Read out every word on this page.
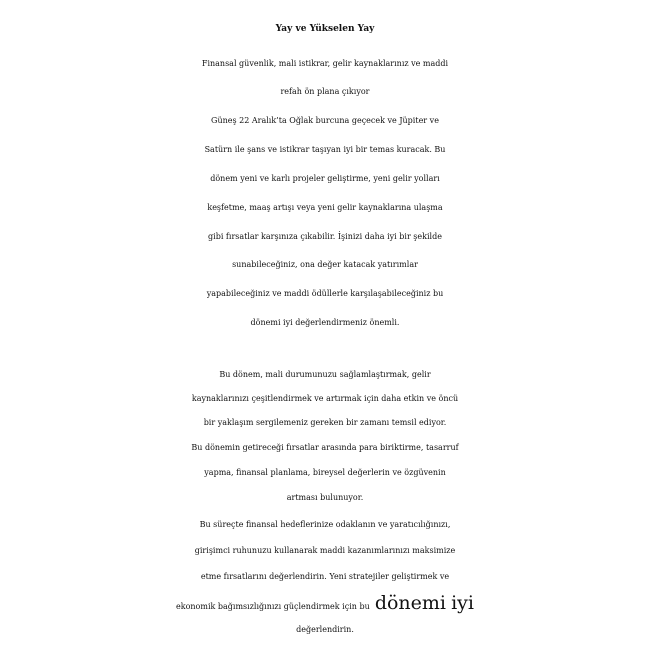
Yay ve Yükselen Yay
Finansal güvenlik, mali istikrar, gelir kaynaklarınız ve maddi
refah ön plana çıkıyor
Güneş 22 Aralık’ta Oğlak burcuna geçecek ve Jüpiter ve
Satürn ile şans ve istikrar taşıyan iyi bir temas kuracak. Bu
dönem yeni ve karlı projeler geliştirme, yeni gelir yolları
keşfetme, maaş artışı veya yeni gelir kaynaklarına ulaşma
gibi fırsatlar karşınıza çıkabilir. İşinizi daha iyi bir şekilde
sunabileceğiniz, ona değer katacak yatırımlar
yapabileceğiniz ve maddi ödüllerle karşılaşabileceğiniz bu
dönemi iyi değerlendirmeniz önemli.
Bu dönem, mali durumunuzu sağlamlaştırmak, gelir
kaynaklarınızı çeşitlendirmek ve artırmak için daha etkin ve öncü
bir yaklaşım sergilemeniz gereken bir zamanı temsil ediyor.
Bu dönemin getireceği fırsatlar arasında para biriktirme, tasarruf
yapma, finansal planlama, bireysel değerlerin ve özgüvenin
artması bulunuyor.
Bu süreçte finansal hedeflerinize odaklanın ve yaratıcılığınızı,
girişimci ruhunuzu kullanarak maddi kazanımlarınızı maksimize
etme fırsatlarını değerlendirin. Yeni stratejiler geliştirmek ve
ekonomik bağımsızlığınızı güçlendirmek için bu dönemi iyi
değerlendirin.
